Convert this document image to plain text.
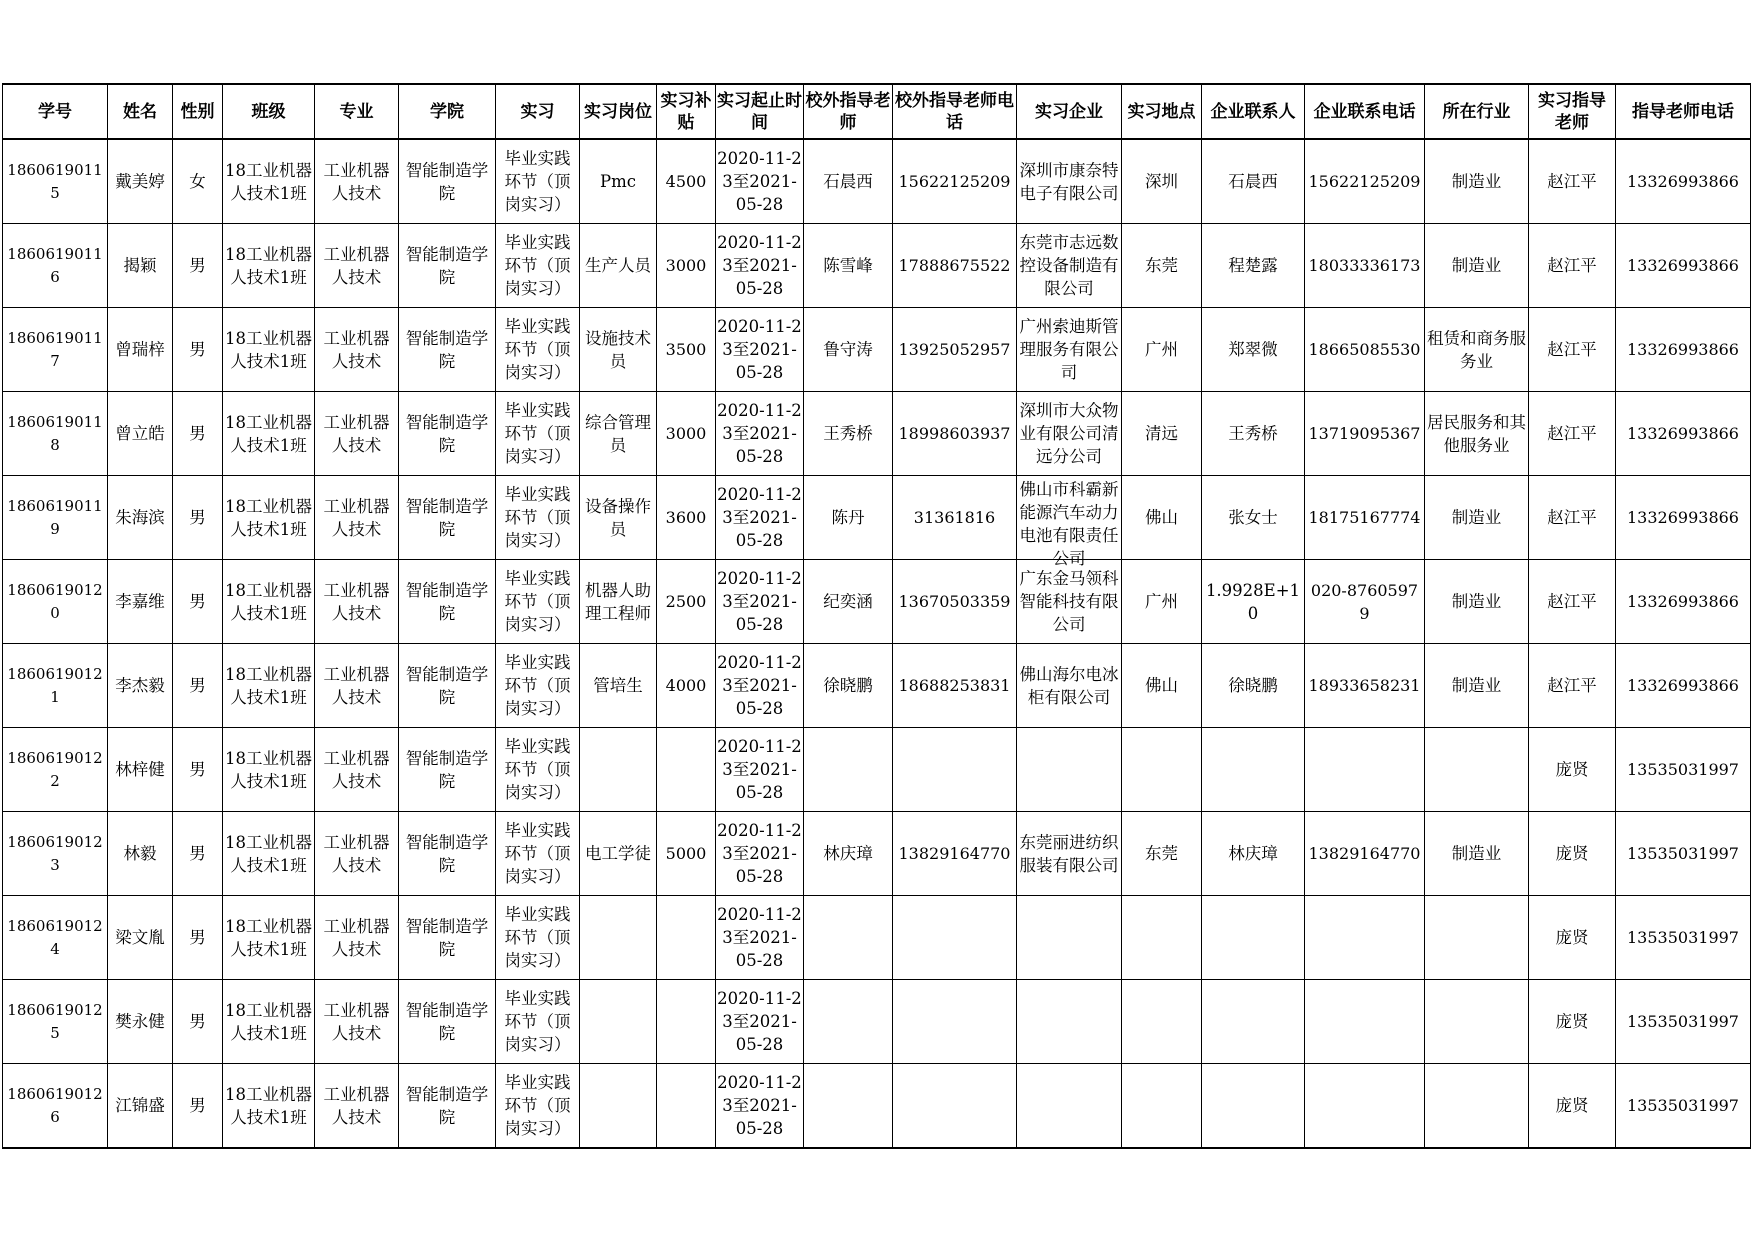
学号	姓名	性别	班级	专业	学院	实习	实习岗位	实习补贴	实习起止时间	校外指导老师	校外指导老师电话	实习企业	实习地点	企业联系人	企业联系电话	所在行业	实习指导老师	指导老师电话

18606190115	戴美婷	女	18工业机器人技术1班	工业机器人技术	智能制造学院	毕业实践环节（顶岗实习）	Pmc	4500	2020-11-23至2021-05-28	石晨西	15622125209	深圳市康奈特电子有限公司	深圳	石晨西	15622125209	制造业	赵江平	13326993866

18606190116	揭颖	男	18工业机器人技术1班	工业机器人技术	智能制造学院	毕业实践环节（顶岗实习）	生产人员	3000	2020-11-23至2021-05-28	陈雪峰	17888675522	东莞市志远数控设备制造有限公司	东莞	程楚露	18033336173	制造业	赵江平	13326993866

18606190117	曾瑞梓	男	18工业机器人技术1班	工业机器人技术	智能制造学院	毕业实践环节（顶岗实习）	设施技术员	3500	2020-11-23至2021-05-28	鲁守涛	13925052957	广州索迪斯管理服务有限公司	广州	郑翠微	18665085530	租赁和商务服务业	赵江平	13326993866

18606190118	曾立皓	男	18工业机器人技术1班	工业机器人技术	智能制造学院	毕业实践环节（顶岗实习）	综合管理员	3000	2020-11-23至2021-05-28	王秀桥	18998603937	深圳市大众物业有限公司清远分公司	清远	王秀桥	13719095367	居民服务和其他服务业	赵江平	13326993866

18606190119	朱海滨	男	18工业机器人技术1班	工业机器人技术	智能制造学院	毕业实践环节（顶岗实习）	设备操作员	3600	2020-11-23至2021-05-28	陈丹	31361816	佛山市科霸新能源汽车动力电池有限责任公司	佛山	张女士	18175167774	制造业	赵江平	13326993866

18606190120	李嘉维	男	18工业机器人技术1班	工业机器人技术	智能制造学院	毕业实践环节（顶岗实习）	机器人助理工程师	2500	2020-11-23至2021-05-28	纪奕涵	13670503359	广东金马领科智能科技有限公司	广州	1.9928E+10	020-87605979	制造业	赵江平	13326993866

18606190121	李杰毅	男	18工业机器人技术1班	工业机器人技术	智能制造学院	毕业实践环节（顶岗实习）	管培生	4000	2020-11-23至2021-05-28	徐晓鹏	18688253831	佛山海尔电冰柜有限公司	佛山	徐晓鹏	18933658231	制造业	赵江平	13326993866

18606190122	林梓健	男	18工业机器人技术1班	工业机器人技术	智能制造学院	毕业实践环节（顶岗实习）			2020-11-23至2021-05-28								庞贤	13535031997

18606190123	林毅	男	18工业机器人技术1班	工业机器人技术	智能制造学院	毕业实践环节（顶岗实习）	电工学徒	5000	2020-11-23至2021-05-28	林庆璋	13829164770	东莞丽进纺织服装有限公司	东莞	林庆璋	13829164770	制造业	庞贤	13535031997

18606190124	梁文胤	男	18工业机器人技术1班	工业机器人技术	智能制造学院	毕业实践环节（顶岗实习）			2020-11-23至2021-05-28								庞贤	13535031997

18606190125	樊永健	男	18工业机器人技术1班	工业机器人技术	智能制造学院	毕业实践环节（顶岗实习）			2020-11-23至2021-05-28								庞贤	13535031997

18606190126	江锦盛	男	18工业机器人技术1班	工业机器人技术	智能制造学院	毕业实践环节（顶岗实习）			2020-11-23至2021-05-28								庞贤	13535031997
